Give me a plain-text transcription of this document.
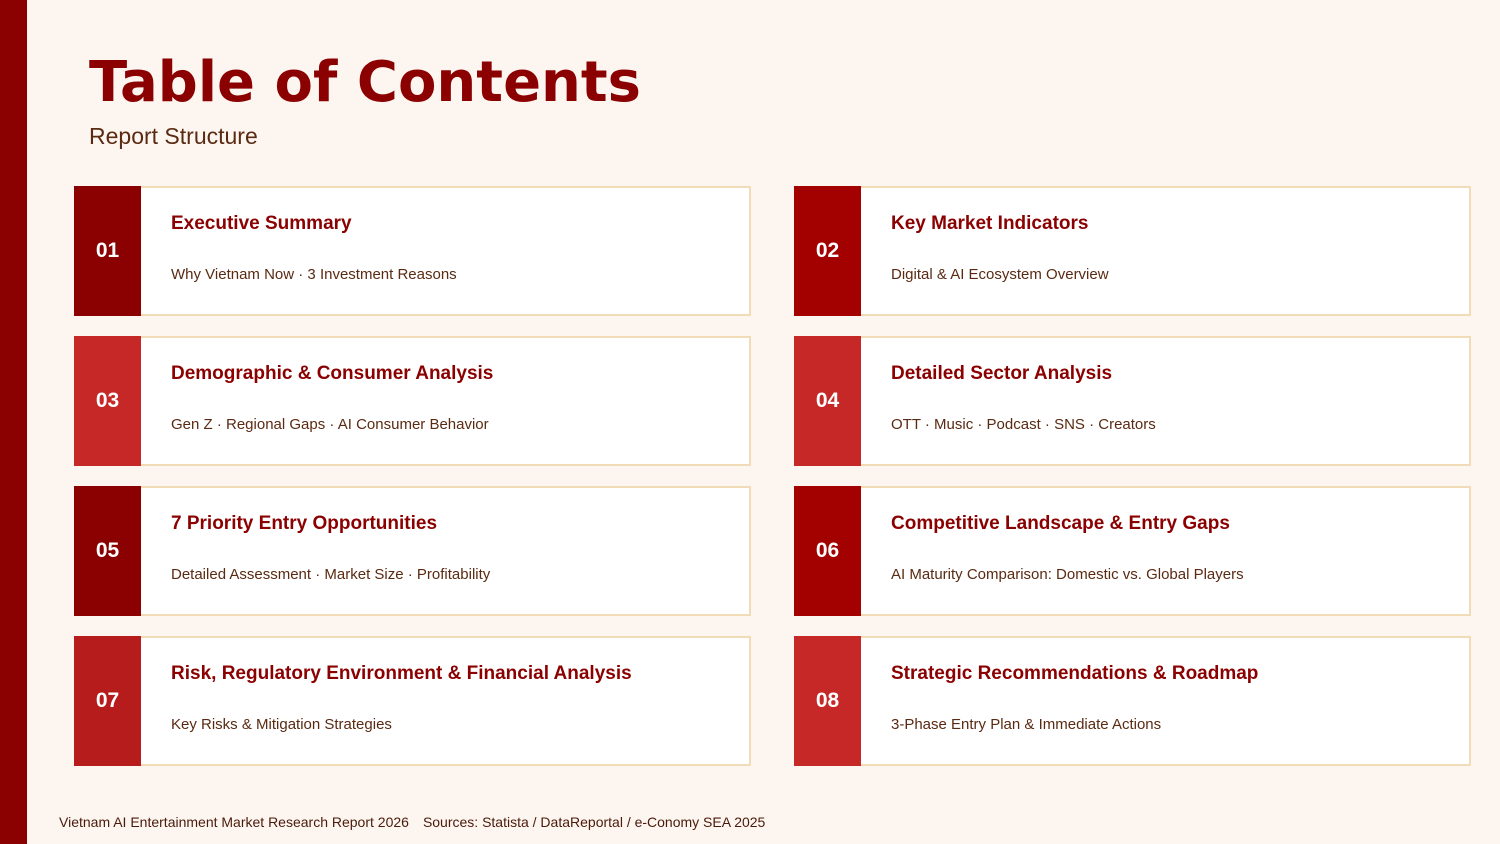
Table of Contents
Report Structure
01
Executive Summary
Why Vietnam Now · 3 Investment Reasons
02
Key Market Indicators
Digital & AI Ecosystem Overview
03
Demographic & Consumer Analysis
Gen Z · Regional Gaps · AI Consumer Behavior
04
Detailed Sector Analysis
OTT · Music · Podcast · SNS · Creators
05
7 Priority Entry Opportunities
Detailed Assessment · Market Size · Profitability
06
Competitive Landscape & Entry Gaps
AI Maturity Comparison: Domestic vs. Global Players
07
Risk, Regulatory Environment & Financial Analysis
Key Risks & Mitigation Strategies
08
Strategic Recommendations & Roadmap
3-Phase Entry Plan & Immediate Actions
Vietnam AI Entertainment Market Research Report 2026 Sources: Statista / DataReportal / e-Conomy SEA 2025
